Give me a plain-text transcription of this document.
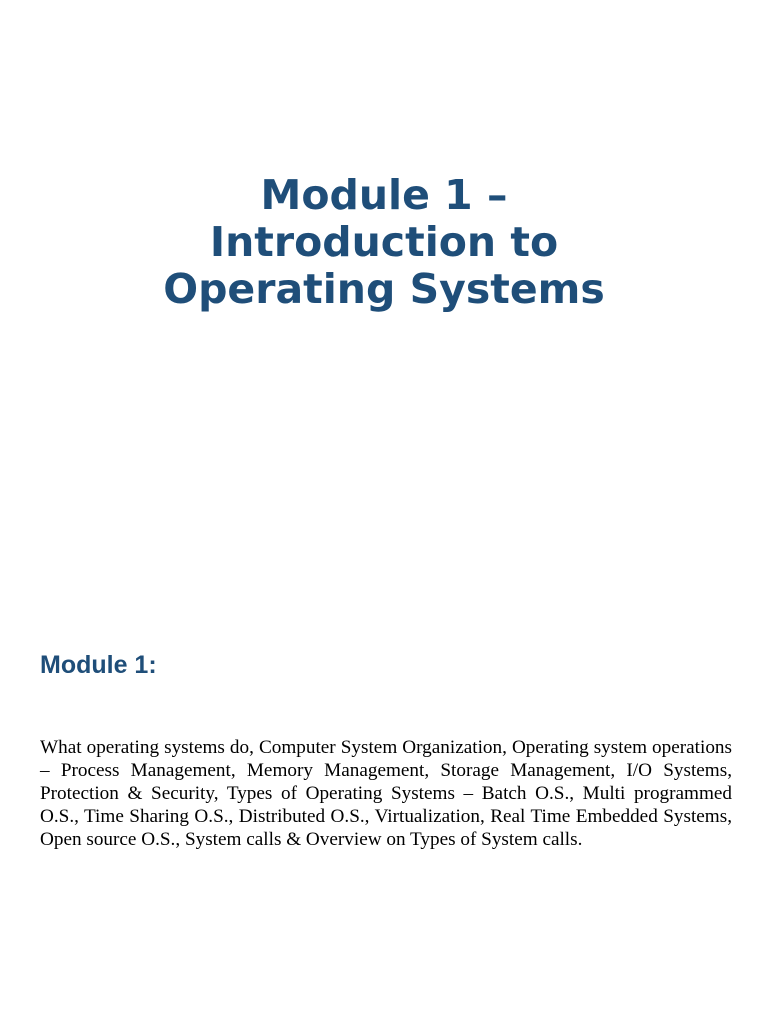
Module 1 –
Introduction to
Operating Systems
Module 1:

What operating systems do, Computer System Organization, Operating system operations – Process Management, Memory Management, Storage Management, I/O Systems, Protection & Security, Types of Operating Systems – Batch O.S., Multi programmed O.S., Time Sharing O.S., Distributed O.S., Virtualization, Real Time Embedded Systems, Open source O.S., System calls & Overview on Types of System calls.
